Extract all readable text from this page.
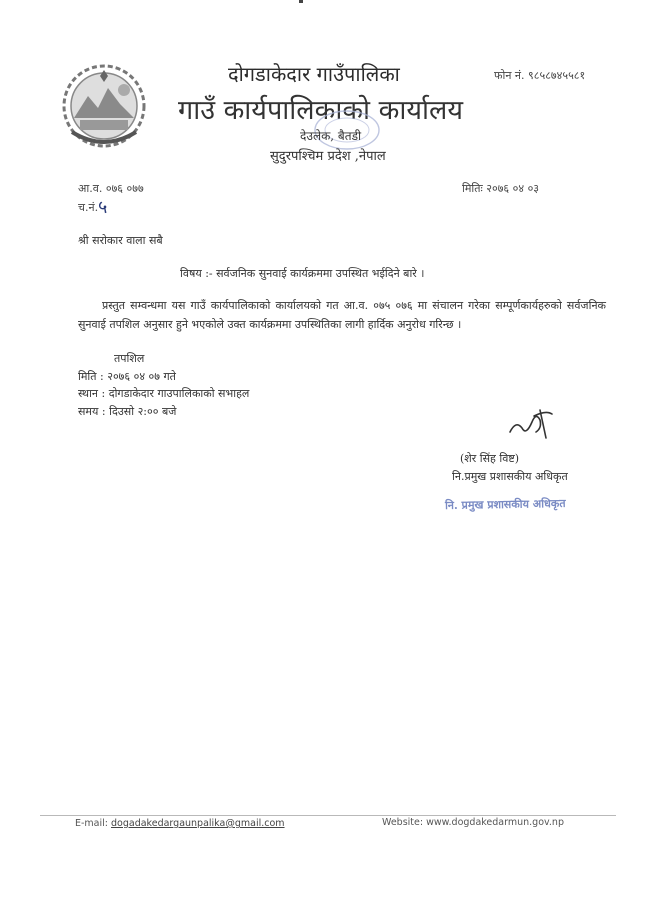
दोगडाकेदार गाउँपालिका	फोन नं. ९८५८७४५५८१
गाउँ कार्यपालिकाको कार्यालय
देउलेक, बैतडी
सुदुरपश्चिम प्रदेश ,नेपाल
आ.व. ०७६ ०७७	मितिः २०७६ ०४ ०३
च.नं. ५
श्री सरोकार वाला सबै
विषय :- सर्वजनिक सुनवाई कार्यक्रममा उपस्थित भईदिने बारे ।

प्रस्तुत सम्वन्धमा यस गाउँ कार्यपालिकाको कार्यालयको गत आ.व. ०७५ ०७६ मा संचालन गरेका सम्पूर्णकार्यहरुको सर्वजनिक सुनवाई तपशिल अनुसार हुने भएकोले उक्त कार्यक्रममा उपस्थितिका लागी हार्दिक अनुरोध गरिन्छ ।

तपशिल
मिति : २०७६ ०४ ०७ गते
स्थान : दोगडाकेदार गाउपालिकाको सभाहल
समय : दिउसो २:०० बजे
(शेर सिंह विष्ट)
नि.प्रमुख प्रशासकीय अधिकृत
नि. प्रमुख प्रशासकीय अधिकृत
E-mail: dogadakedargaunpalika@gmail.com	Website: www.dogdakedarmun.gov.np
